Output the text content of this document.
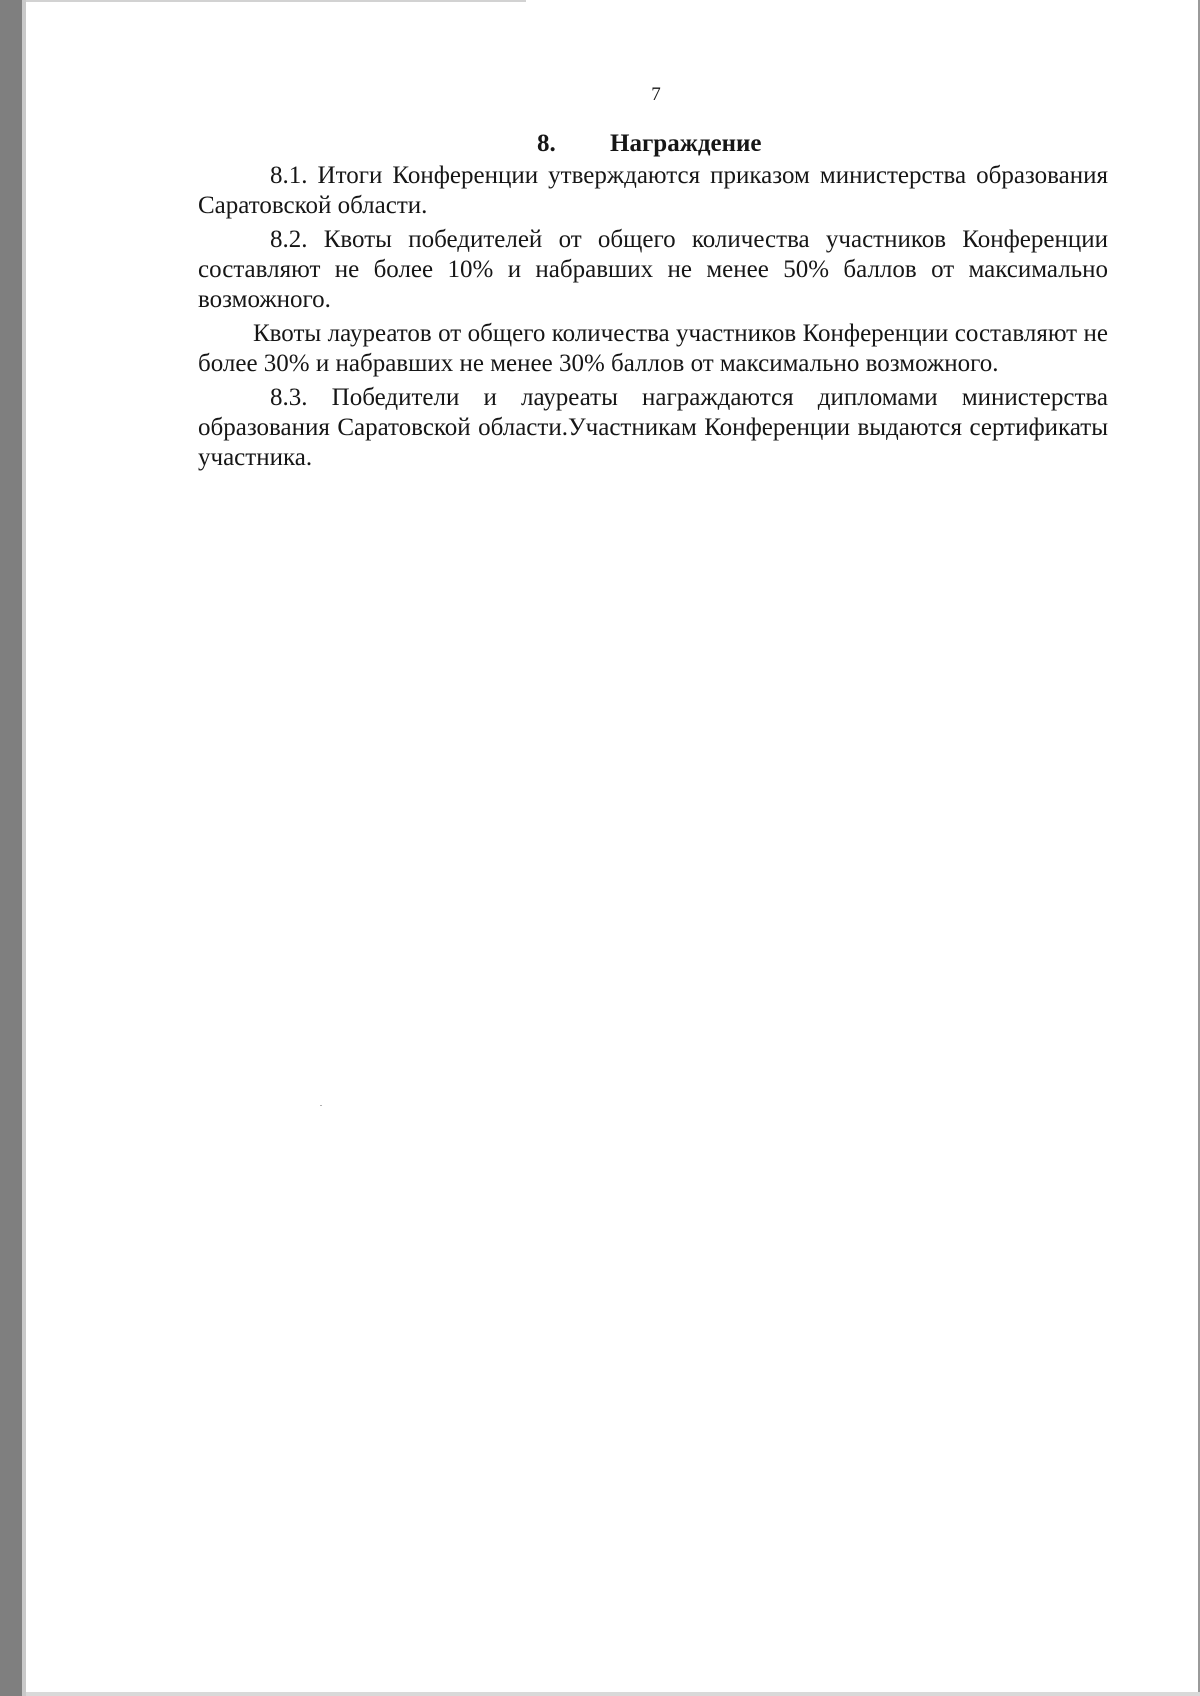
7
8. Награждение

8.1. Итоги Конференции утверждаются приказом министерства образования Саратовской области.

8.2. Квоты победителей от общего количества участников Конференции составляют не более 10% и набравших не менее 50% баллов от максимально возможного.

Квоты лауреатов от общего количества участников Конференции составляют не более 30% и набравших не менее 30% баллов от максимально возможного.

8.3. Победители и лауреаты награждаются дипломами министерства образования Саратовской области.Участникам Конференции выдаются сертификаты участника.
